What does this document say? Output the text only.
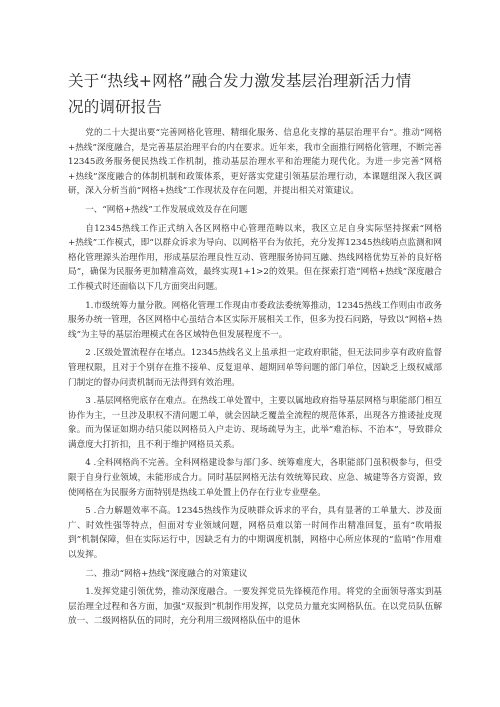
关于“热线+网格”融合发力激发基层治理新活力情
况的调研报告

党的二十大提出要“完善网格化管理、精细化服务、信息化支撑的基层治理平台”。推动“网格+热线”深度融合，是完善基层治理平台的内在要求。近年来，我市全面推行网格化管理，不断完善12345政务服务便民热线工作机制，推动基层治理水平和治理能力现代化。为进一步完善“网格+热线”深度融合的体制机制和政策体系，更好落实党建引领基层治理行动，本课题组深入我区调研，深入分析当前“网格+热线”工作现状及存在问题，并提出相关对策建议。

一、“网格+热线”工作发展成效及存在问题

自12345热线工作正式纳入各区网格中心管理范畴以来，我区立足自身实际坚持探索“网格+热线”工作模式，即“以群众诉求为导向、以网格平台为依托，充分发挥12345热线哨点监测和网格化管理源头治理作用，形成基层治理良性互动、管理服务协同互融、热线网格优势互补的良好格局”，确保为民服务更加精准高效，最终实现1+1>2的效果。但在探索打造“网格+热线”深度融合工作模式时还面临以下几方面突出问题。

1.市级统筹力量分散。网格化管理工作现由市委政法委统筹推动，12345热线工作则由市政务服务办统一管理，各区网格中心虽结合本区实际开展相关工作，但多为投石问路，导致以“网格+热线”为主导的基层治理模式在各区域特色但发展程度不一。

2 .区级处置流程存在堵点。12345热线名义上虽承担一定政府职能，但无法同步享有政府监督管理权限，且对于个别存在推不接单、反复退单、超期回单等问题的部门单位，因缺乏上级权威部门制定的督办问责机制而无法得到有效治理。

3 .基层网格兜底存在难点。在热线工单处置中，主要以属地政府指导基层网格与职能部门相互协作为主，一旦涉及职权不清问题工单，就会因缺乏覆盖全流程的规范体系，出现各方推诿扯皮现象。而为保证如期办结只能以网格员入户走访、现场疏导为主，此举“难治标、不治本”，导致群众满意度大打折扣，且不利于维护网格员关系。

4 .全科网格尚不完善。全科网格建设参与部门多、统筹难度大，各职能部门虽积极参与，但受限于自身行业领域，未能形成合力。同时基层网格无法有效统筹民政、应急、城建等各方资源，致使网格在为民服务方面特别是热线工单处置上仍存在行业专业壁垒。

5 .合力解题效率不高。12345热线作为反映群众诉求的平台，具有显著的工单量大、涉及面广、时效性强等特点，但面对专业领域问题，网格员难以第一时间作出精准回复，虽有“吹哨报到”机制保障，但在实际运行中，因缺乏有力的中期调度机制，网格中心所应体现的“监哨”作用难以发挥。

二、推动“网格+热线”深度融合的对策建议

1.发挥党建引领优势，推动深度融合。一要发挥党员先锋模范作用。将党的全面领导落实到基层治理全过程和各方面，加强“双报到”机制作用发挥，以党员力量充实网格队伍。在以党员队伍解放一、二级网格队伍的同时，充分利用三级网格队伍中的退休
